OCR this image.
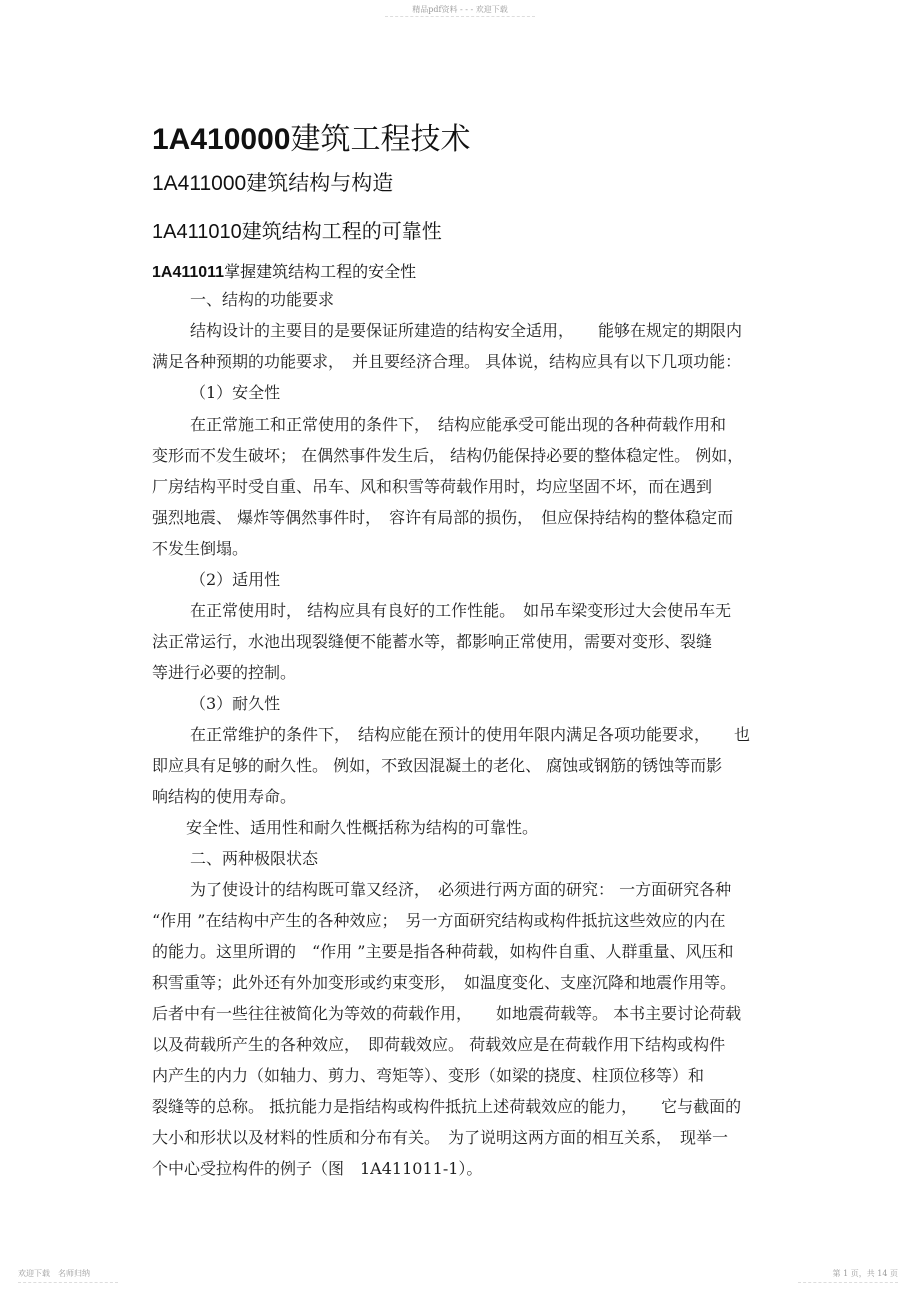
精品pdf资料 - - - 欢迎下载
1A410000建筑工程技术
1A411000建筑结构与构造
1A411010建筑结构工程的可靠性
1A411011掌握建筑结构工程的安全性
一、结构的功能要求
结构设计的主要目的是要保证所建造的结构安全适用，　　能够在规定的期限内
满足各种预期的功能要求，　并且要经济合理。 具体说，结构应具有以下几项功能：
（1）安全性
在正常施工和正常使用的条件下，　结构应能承受可能出现的各种荷载作用和
变形而不发生破坏； 在偶然事件发生后， 结构仍能保持必要的整体稳定性。 例如，
厂房结构平时受自重、吊车、风和积雪等荷载作用时，均应坚固不坏，而在遇到
强烈地震、 爆炸等偶然事件时，　容许有局部的损伤，　但应保持结构的整体稳定而
不发生倒塌。
（2）适用性
在正常使用时， 结构应具有良好的工作性能。　如吊车梁变形过大会使吊车无
法正常运行，水池出现裂缝便不能蓄水等，都影响正常使用，需要对变形、裂缝
等进行必要的控制。
（3）耐久性
在正常维护的条件下，　结构应能在预计的使用年限内满足各项功能要求，　　也
即应具有足够的耐久性。 例如，不致因混凝土的老化、 腐蚀或钢筋的锈蚀等而影
响结构的使用寿命。
安全性、适用性和耐久性概括称为结构的可靠性。
二、两种极限状态
为了使设计的结构既可靠又经济，　必须进行两方面的研究： 一方面研究各种
“作用 ”在结构中产生的各种效应；　另一方面研究结构或构件抵抗这些效应的内在
的能力。这里所谓的　“作用 ”主要是指各种荷载，如构件自重、人群重量、风压和
积雪重等；此外还有外加变形或约束变形，　如温度变化、支座沉降和地震作用等。
后者中有一些往往被简化为等效的荷载作用，　　如地震荷载等。 本书主要讨论荷载
以及荷载所产生的各种效应，　即荷载效应。 荷载效应是在荷载作用下结构或构件
内产生的内力（如轴力、剪力、弯矩等）、变形（如梁的挠度、柱顶位移等）和
裂缝等的总称。 抵抗能力是指结构或构件抵抗上述荷载效应的能力，　　它与截面的
大小和形状以及材料的性质和分布有关。　为了说明这两方面的相互关系，　现举一
个中心受拉构件的例子（图　1A411011-1）。
欢迎下载　名师归纳	第 1 页，共 14 页
